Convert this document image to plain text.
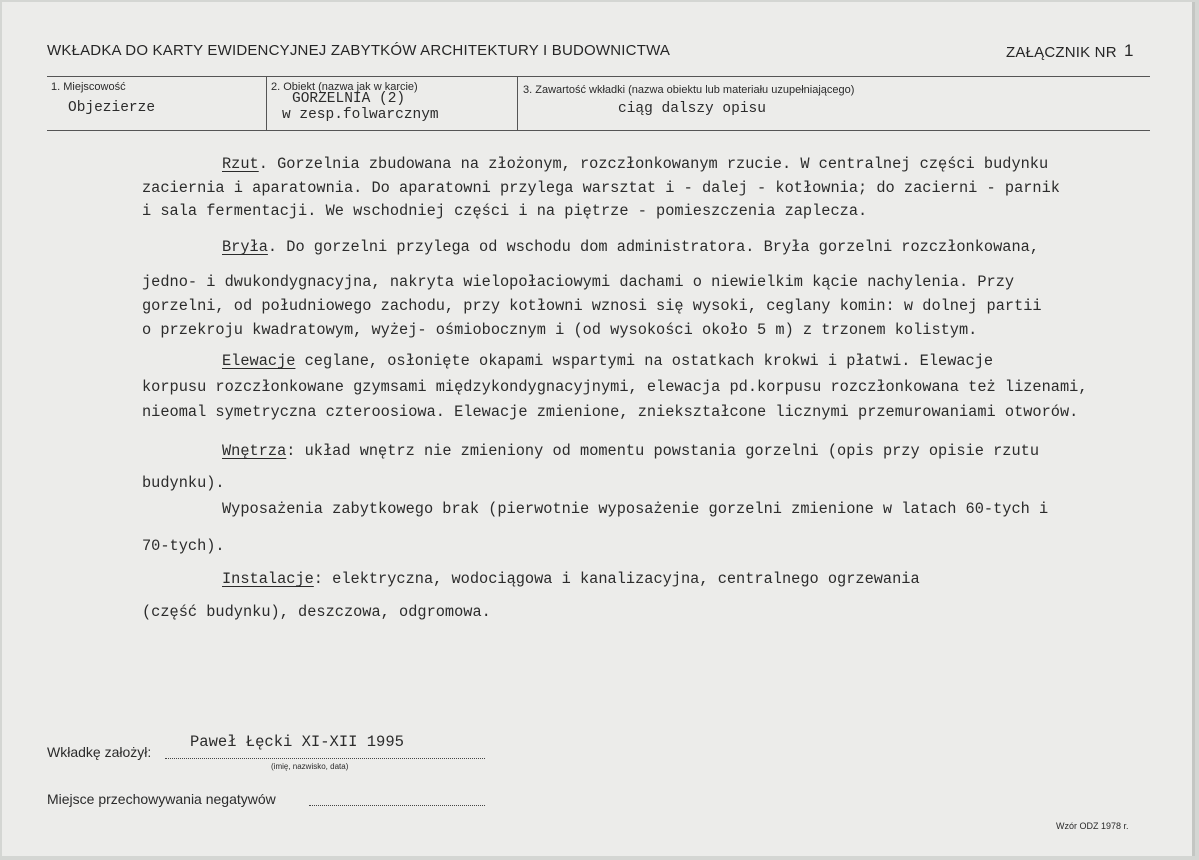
WKŁADKA DO KARTY EWIDENCYJNEJ ZABYTKÓW ARCHITEKTURY I BUDOWNICTWA	ZAŁĄCZNIK NR 1
1. Miejscowość
Objezierze
2. Obiekt (nazwa jak w karcie)
GORZELNIA (2)
w zesp.folwarcznym
3. Zawartość wkładki (nazwa obiektu lub materiału uzupełniającego)
ciąg dalszy opisu
Rzut. Gorzelnia zbudowana na złożonym, rozczłonkowanym rzucie. W centralnej części budynku
zaciernia i aparatownia. Do aparatowni przylega warsztat i - dalej - kotłownia; do zacierni - parnik
i sala fermentacji. We wschodniej części i na piętrze - pomieszczenia zaplecza.
Bryła. Do gorzelni przylega od wschodu dom administratora. Bryła gorzelni rozczłonkowana,
jedno- i dwukondygnacyjna, nakryta wielopołaciowymi dachami o niewielkim kącie nachylenia. Przy
gorzelni, od południowego zachodu, przy kotłowni wznosi się wysoki, ceglany komin: w dolnej partii
o przekroju kwadratowym, wyżej- ośmiobocznym i (od wysokości około 5 m) z trzonem kolistym.
Elewacje ceglane, osłonięte okapami wspartymi na ostatkach krokwi i płatwi. Elewacje
korpusu rozczłonkowane gzymsami międzykondygnacyjnymi, elewacja pd.korpusu rozczłonkowana też lizenami,
nieomal symetryczna czteroosiowa. Elewacje zmienione, zniekształcone licznymi przemurowaniami otworów.
Wnętrza: układ wnętrz nie zmieniony od momentu powstania gorzelni (opis przy opisie rzutu
budynku).
Wyposażenia zabytkowego brak (pierwotnie wyposażenie gorzelni zmienione w latach 60-tych i
70-tych).
Instalacje: elektryczna, wodociągowa i kanalizacyjna, centralnego ogrzewania
(część budynku), deszczowa, odgromowa.
Wkładkę założył:
Paweł Łęcki XI-XII 1995
(imię, nazwisko, data)
Miejsce przechowywania negatywów
Wzór ODZ 1978 r.
